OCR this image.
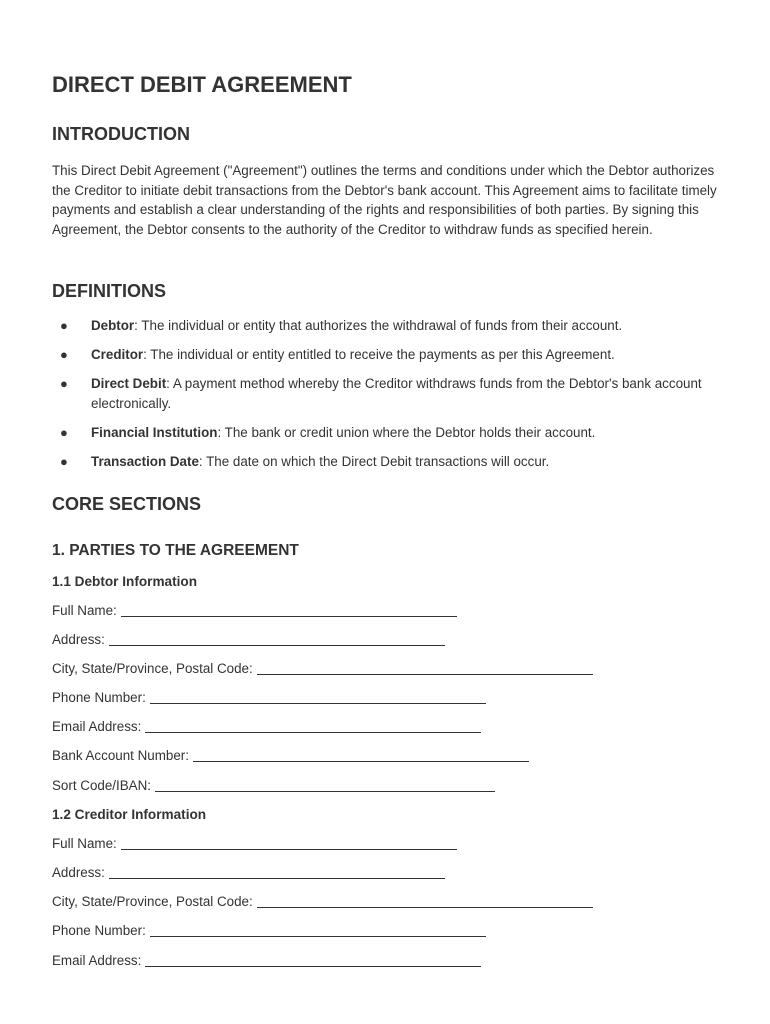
DIRECT DEBIT AGREEMENT
INTRODUCTION
This Direct Debit Agreement ("Agreement") outlines the terms and conditions under which the Debtor authorizes the Creditor to initiate debit transactions from the Debtor's bank account. This Agreement aims to facilitate timely payments and establish a clear understanding of the rights and responsibilities of both parties. By signing this Agreement, the Debtor consents to the authority of the Creditor to withdraw funds as specified herein.
DEFINITIONS
● Debtor: The individual or entity that authorizes the withdrawal of funds from their account.
● Creditor: The individual or entity entitled to receive the payments as per this Agreement.
● Direct Debit: A payment method whereby the Creditor withdraws funds from the Debtor's bank account electronically.
● Financial Institution: The bank or credit union where the Debtor holds their account.
● Transaction Date: The date on which the Direct Debit transactions will occur.
CORE SECTIONS
1. PARTIES TO THE AGREEMENT
1.1 Debtor Information
Full Name:
Address:
City, State/Province, Postal Code:
Phone Number:
Email Address:
Bank Account Number:
Sort Code/IBAN:
1.2 Creditor Information
Full Name:
Address:
City, State/Province, Postal Code:
Phone Number:
Email Address:
